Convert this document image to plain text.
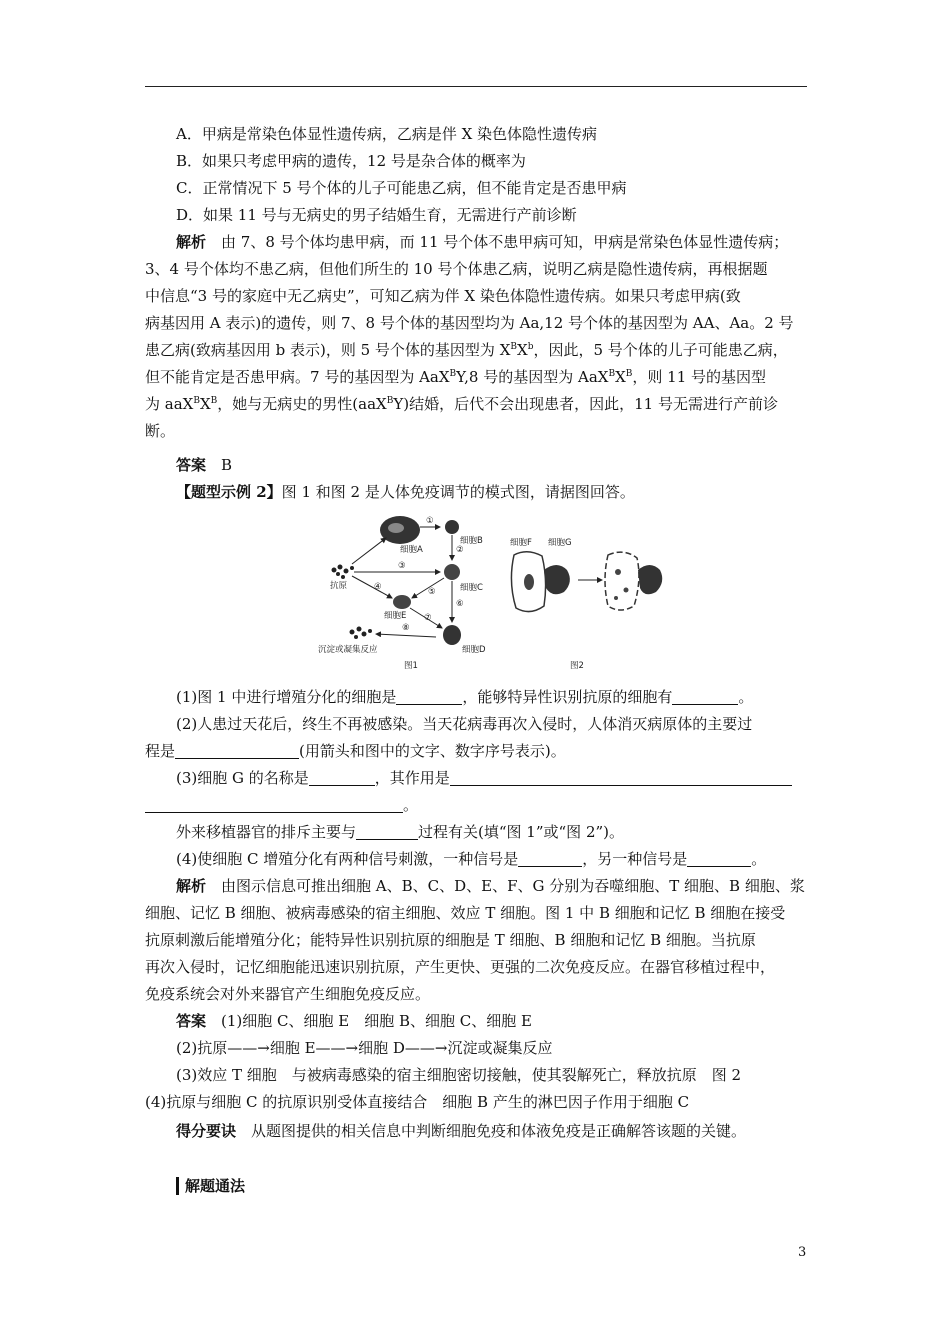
A．甲病是常染色体显性遗传病，乙病是伴 X 染色体隐性遗传病
B．如果只考虑甲病的遗传，12 号是杂合体的概率为
C．正常情况下 5 号个体的儿子可能患乙病，但不能肯定是否患甲病
D．如果 11 号与无病史的男子结婚生育，无需进行产前诊断
解析　 由 7、8 号个体均患甲病，而 11 号个体不患甲病可知，甲病是常染色体显性遗传病；
3、4 号个体均不患乙病，但他们所生的 10 号个体患乙病，说明乙病是隐性遗传病，再根据题
中信息“3 号的家庭中无乙病史”，可知乙病为伴 X 染色体隐性遗传病。如果只考虑甲病(致
病基因用 A 表示)的遗传，则 7、8 号个体的基因型均为 Aa,12 号个体的基因型为 AA、Aa。2 号
患乙病(致病基因用 b 表示)，则 5 号个体的基因型为 $X^BX^b$，因此，5 号个体的儿子可能患乙病，
但不能肯定是否患甲病。7 号的基因型为 AaX$^B$Y,8 号的基因型为 $AaX^BX^B$，则 11 号的基因型
为 $aaX^BX^B$，她与无病史的男性(aaX$^B$Y)结婚，后代不会出现患者，因此，11 号无需进行产前诊
断。
答案　 B
【题型示例 2】图 1 和图 2 是人体免疫调节的模式图，请据图回答。
①
②
③
④	⑤
⑥
⑦
⑧
细胞A
细胞B
细胞C
细胞E
细胞D
抗原
沉淀或凝集反应
图1
细胞F 细胞G
图2
(1)图 1 中进行增殖分化的细胞是	，能够特异性识别抗原的细胞有	。
(2)人患过天花后，终生不再被感染。当天花病毒再次入侵时，人体消灭病原体的主要过
程是	(用箭头和图中的文字、数字序号表示)。
(3)细胞 G 的名称是	，其作用是
。
外来移植器官的排斥主要与	过程有关(填“图 1”或“图 2”)。
(4)使细胞 C 增殖分化有两种信号刺激，一种信号是	，另一种信号是	。
解析　 由图示信息可推出细胞 A、B、C、D、E、F、G 分别为吞噬细胞、T 细胞、B 细胞、浆
细胞、记忆 B 细胞、被病毒感染的宿主细胞、效应 T 细胞。图 1 中 B 细胞和记忆 B 细胞在接受
抗原刺激后能增殖分化；能特异性识别抗原的细胞是 T 细胞、B 细胞和记忆 B 细胞。当抗原
再次入侵时，记忆细胞能迅速识别抗原，产生更快、更强的二次免疫反应。在器官移植过程中，
免疫系统会对外来器官产生细胞免疫反应。
答案　 (1)细胞 C、细胞 E　细胞 B、细胞 C、细胞 E
(2)抗原——→细胞 E——→细胞 D——→沉淀或凝集反应
(3)效应 T 细胞　与被病毒感染的宿主细胞密切接触，使其裂解死亡，释放抗原　图 2
(4)抗原与细胞 C 的抗原识别受体直接结合　细胞 B 产生的淋巴因子作用于细胞 C
得分要诀　 从题图提供的相关信息中判断细胞免疫和体液免疫是正确解答该题的关键。
解题通法
3
